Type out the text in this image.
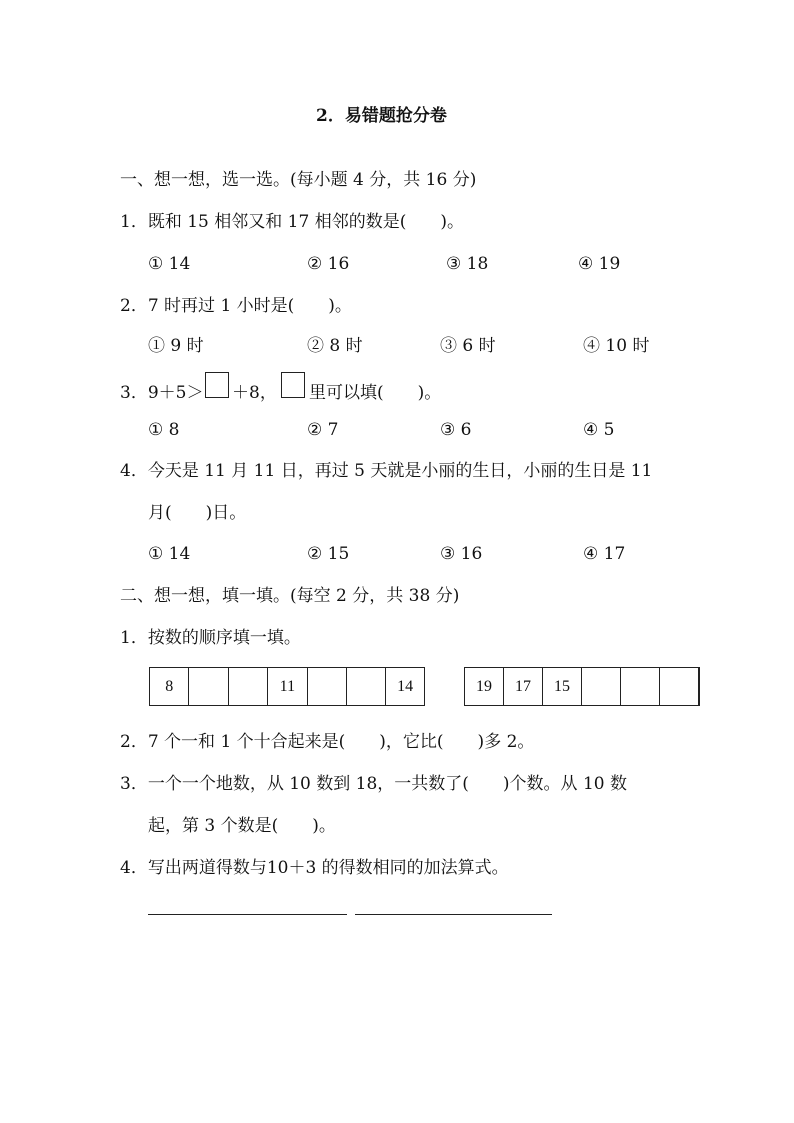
2．易错题抢分卷
一、想一想，选一选。(每小题 4 分，共 16 分)
1．既和 15 相邻又和 17 相邻的数是(　　)。
① 14	② 16	③ 18	④ 19
2．7 时再过 1 小时是(　　)。
① 9 时	② 8 时	③ 6 时	④ 10 时
3．9＋5＞ ＋8， 里可以填(　　)。
① 8	② 7	③ 6	④ 5
4．今天是 11 月 11 日，再过 5 天就是小丽的生日，小丽的生日是 11
月(　　)日。
① 14	② 15	③ 16	④ 17
二、想一想，填一填。(每空 2 分，共 38 分)
1．按数的顺序填一填。
8	11	14	19	17	15
2．7 个一和 1 个十合起来是(　　)，它比(　　)多 2。
3．一个一个地数，从 10 数到 18，一共数了(　　)个数。从 10 数
起，第 3 个数是(　　)。
4．写出两道得数与10＋3 的得数相同的加法算式。
